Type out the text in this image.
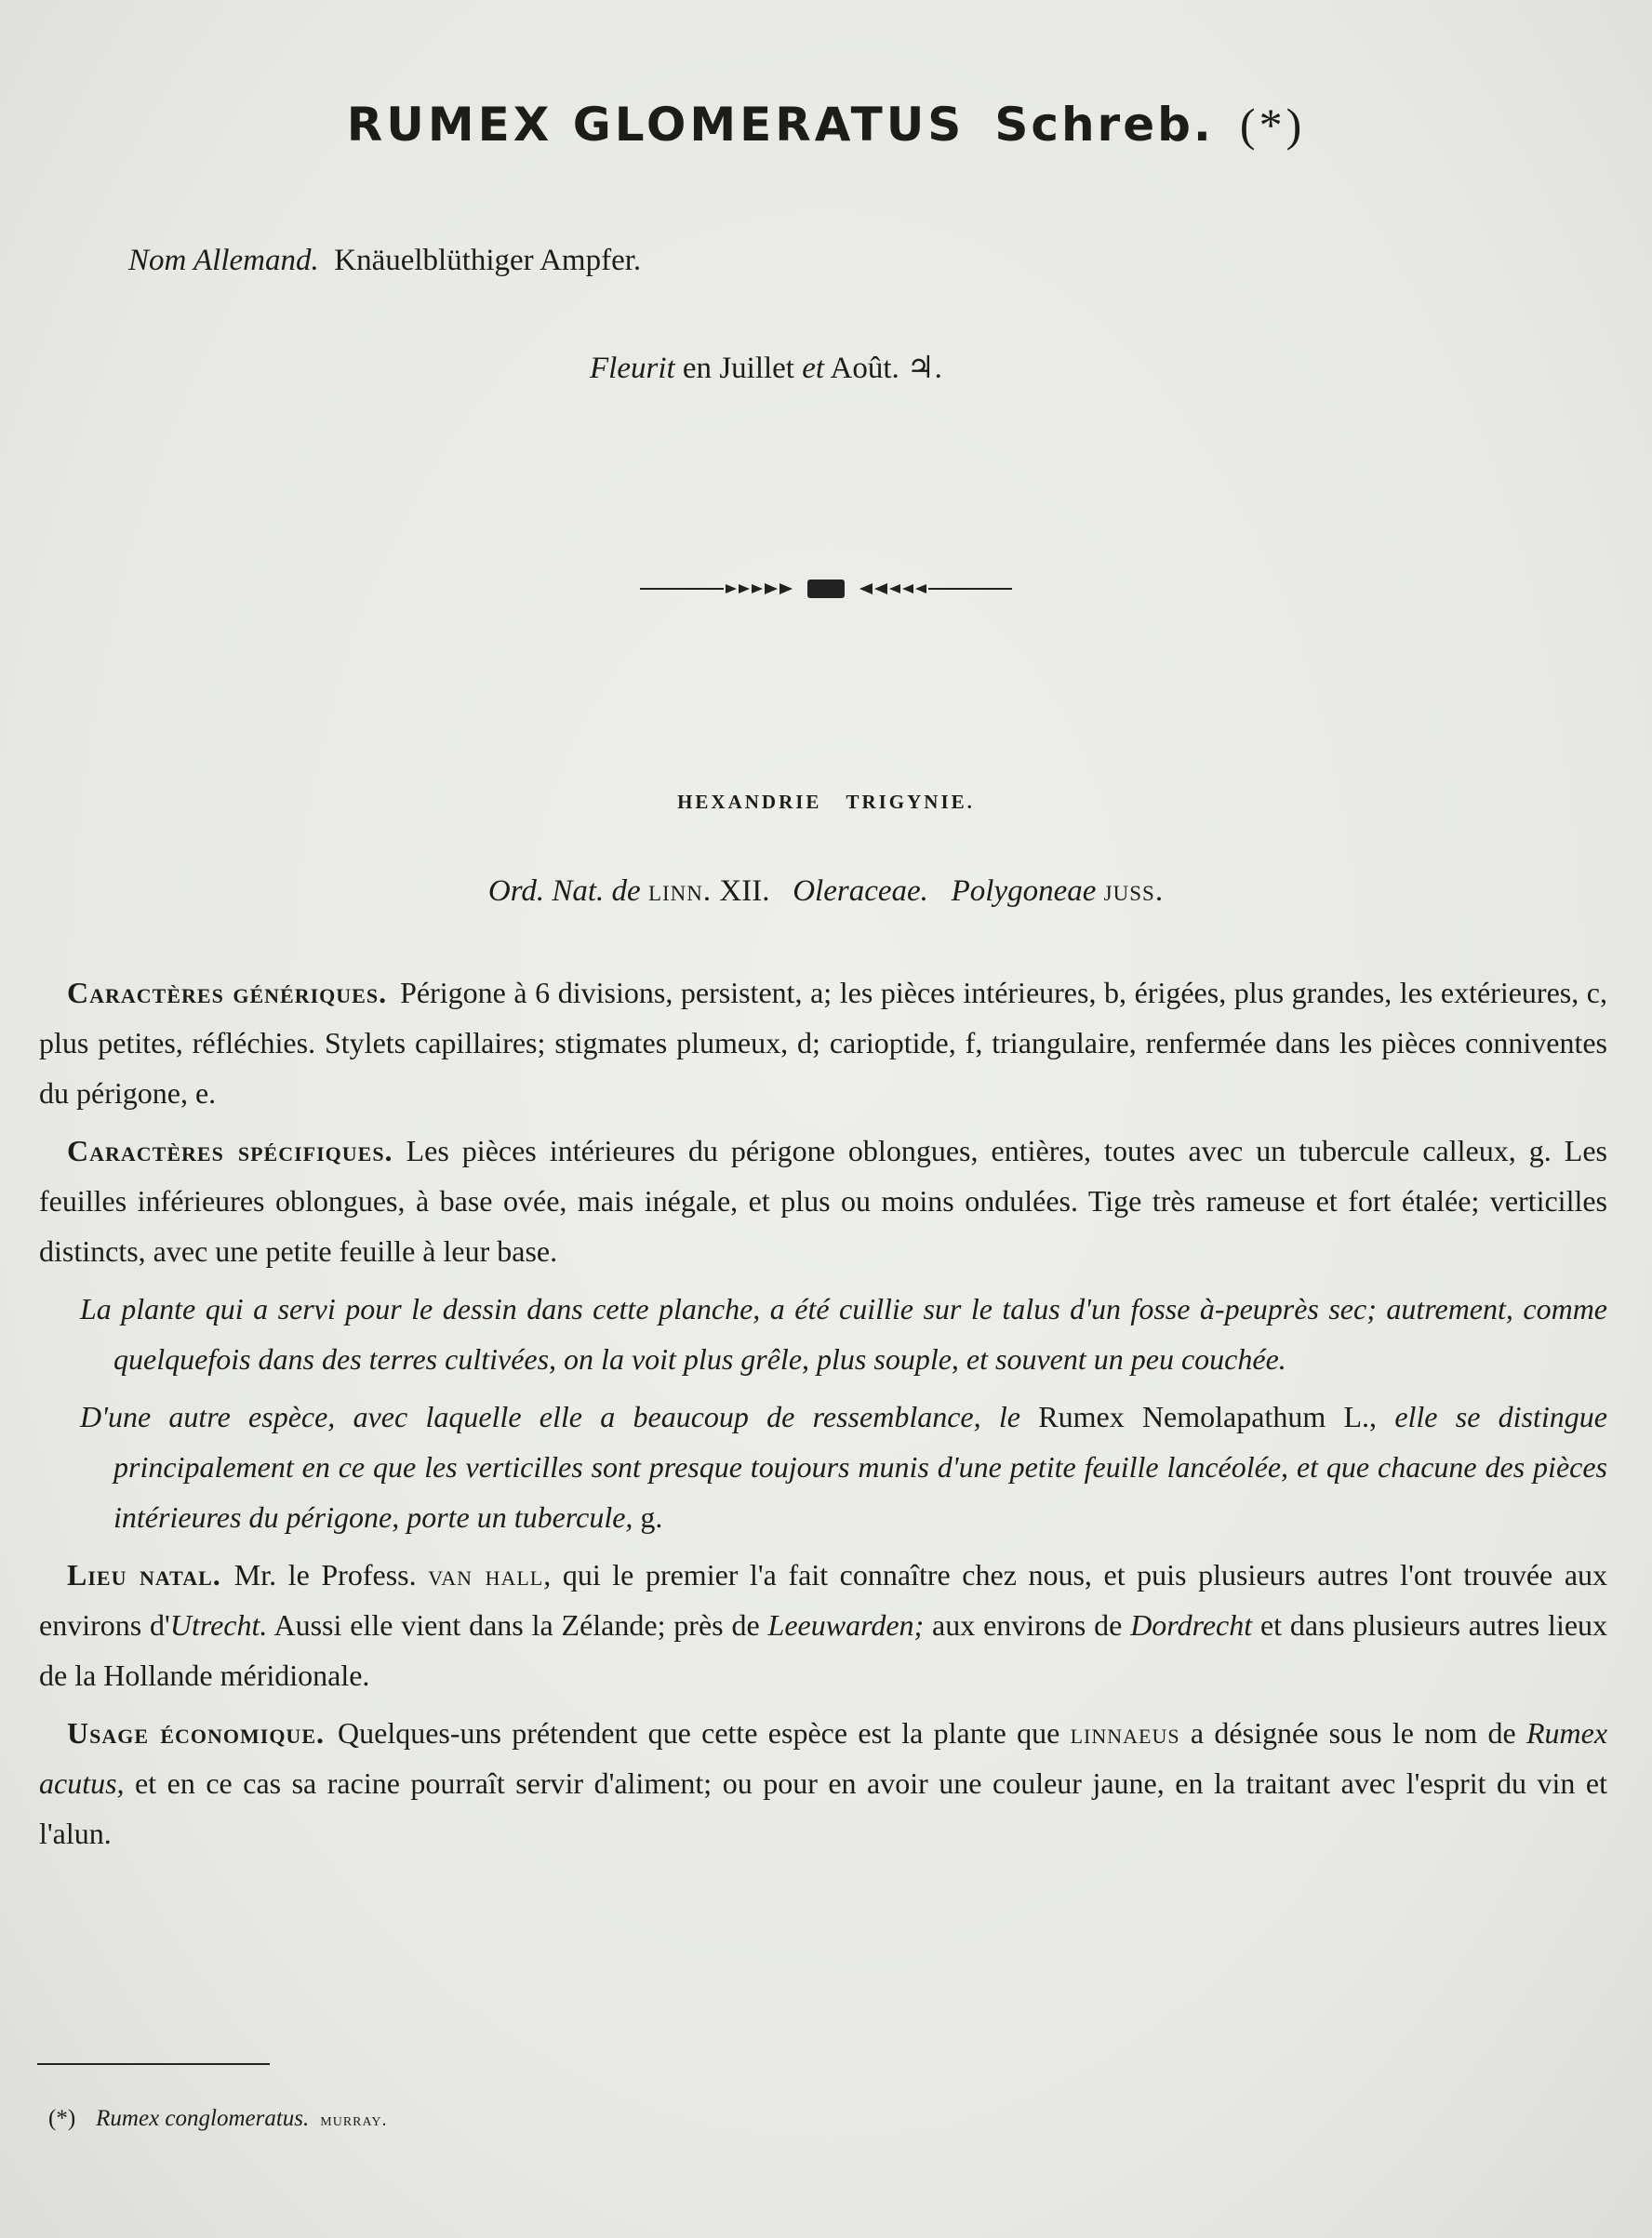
RUMEX GLOMERATUS Schreb. (*)
Nom Allemand. Knäuelblüthiger Ampfer.
Fleurit en Juillet et Août. ♃.
HEXANDRIE TRIGYNIE.
Ord. Nat. de linn. XII. Oleraceae. Polygoneae juss.

Caractères génériques. Périgone à 6 divisions, persistent, a; les pièces intérieures, b, érigées, plus grandes, les extérieures, c, plus petites, réfléchies. Stylets capillaires; stigmates plumeux, d; carioptide, f, triangulaire, renfermée dans les pièces conniventes du périgone, e.

Caractères spécifiques. Les pièces intérieures du périgone oblongues, entières, toutes avec un tubercule calleux, g. Les feuilles inférieures oblongues, à base ovée, mais inégale, et plus ou moins ondulées. Tige très rameuse et fort étalée; verticilles distincts, avec une petite feuille à leur base.

La plante qui a servi pour le dessin dans cette planche, a été cuillie sur le talus d'un fosse à-peuprès sec; autrement, comme quelquefois dans des terres cultivées, on la voit plus grêle, plus souple, et souvent un peu couchée.

D'une autre espèce, avec laquelle elle a beaucoup de ressemblance, le Rumex Nemolapathum L., elle se distingue principalement en ce que les verticilles sont presque toujours munis d'une petite feuille lancéolée, et que chacune des pièces intérieures du périgone, porte un tubercule, g.

Lieu natal. Mr. le Profess. van hall, qui le premier l'a fait connaître chez nous, et puis plusieurs autres l'ont trouvée aux environs d'Utrecht. Aussi elle vient dans la Zélande; près de Leeuwarden; aux environs de Dordrecht et dans plusieurs autres lieux de la Hollande méridionale.

Usage économique. Quelques-uns prétendent que cette espèce est la plante que linnaeus a désignée sous le nom de Rumex acutus, et en ce cas sa racine pourraît servir d'aliment; ou pour en avoir une couleur jaune, en la traitant avec l'esprit du vin et l'alun.

(*) Rumex conglomeratus. murray.
